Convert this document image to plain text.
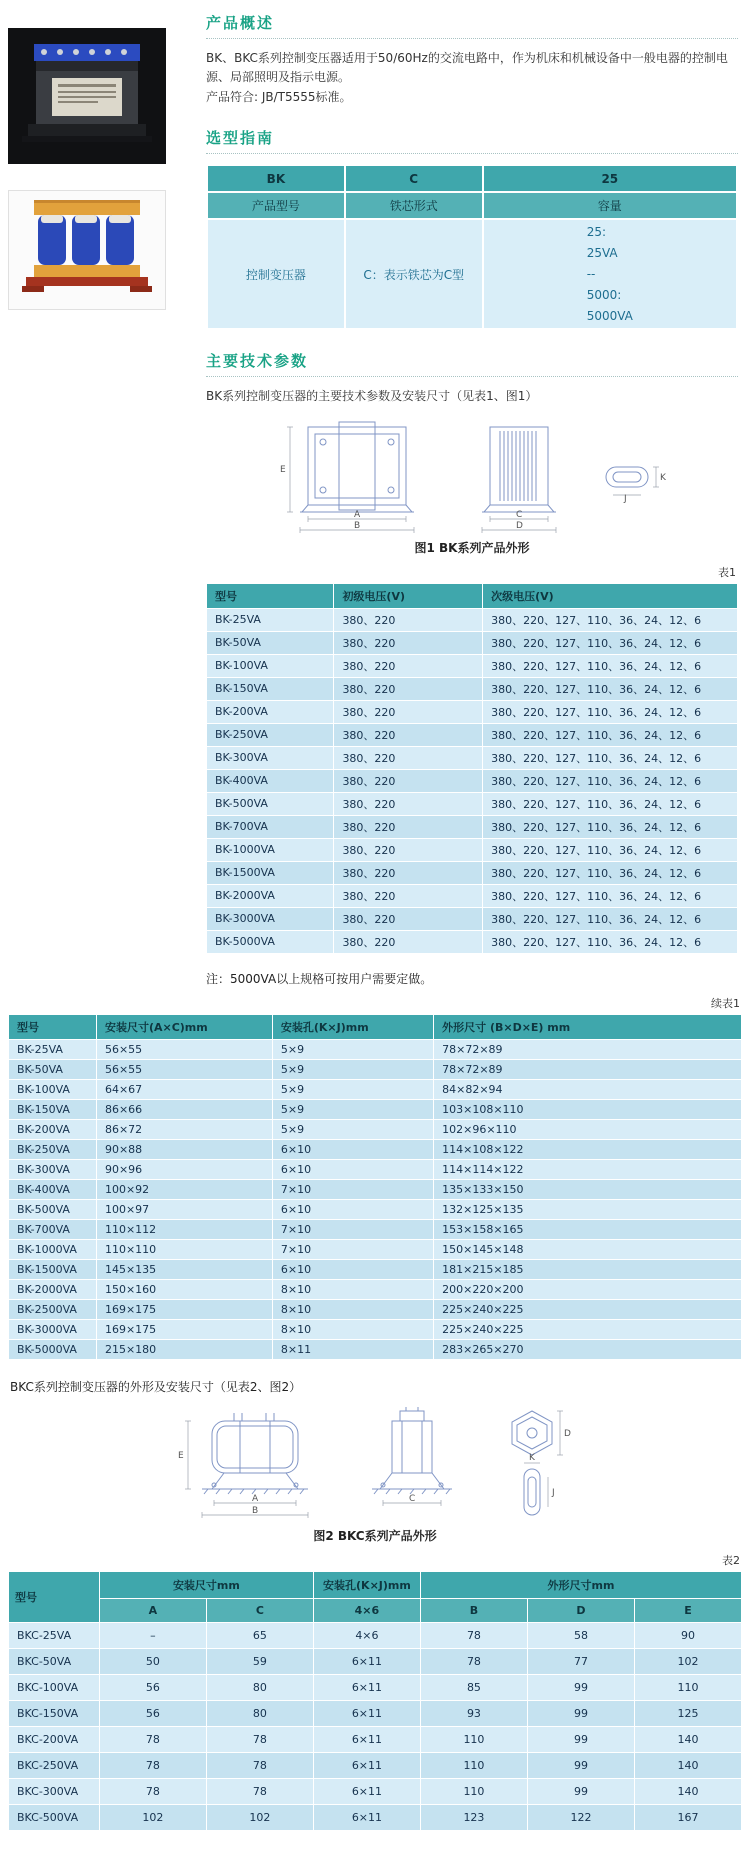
产品概述

BK、BKC系列控制变压器适用于50/60Hz的交流电路中，作为机床和机械设备中一般电器的控制电源、局部照明及指示电源。

产品符合: JB/T5555标准。

选型指南
BK	C	25
产品型号	铁芯形式	容量
控制变压器	C：表示铁芯为C型	25:
25VA
--
5000:
5000VA
主要技术参数

BK系列控制变压器的主要技术参数及安装尺寸（见表1、图1）

A
B
E
C
D
K
J
图1 BK系列产品外形
表1
型号	初级电压(V)	次级电压(V)
BK-25VA	380、220	380、220、127、110、36、24、12、6
BK-50VA	380、220	380、220、127、110、36、24、12、6
BK-100VA	380、220	380、220、127、110、36、24、12、6
BK-150VA	380、220	380、220、127、110、36、24、12、6
BK-200VA	380、220	380、220、127、110、36、24、12、6
BK-250VA	380、220	380、220、127、110、36、24、12、6
BK-300VA	380、220	380、220、127、110、36、24、12、6
BK-400VA	380、220	380、220、127、110、36、24、12、6
BK-500VA	380、220	380、220、127、110、36、24、12、6
BK-700VA	380、220	380、220、127、110、36、24、12、6
BK-1000VA	380、220	380、220、127、110、36、24、12、6
BK-1500VA	380、220	380、220、127、110、36、24、12、6
BK-2000VA	380、220	380、220、127、110、36、24、12、6
BK-3000VA	380、220	380、220、127、110、36、24、12、6
BK-5000VA	380、220	380、220、127、110、36、24、12、6

注：5000VA以上规格可按用户需要定做。

续表1
型号	安装尺寸(A×C)mm	安装孔(K×J)mm	外形尺寸 (B×D×E) mm
BK-25VA	56×55	5×9	78×72×89
BK-50VA	56×55	5×9	78×72×89
BK-100VA	64×67	5×9	84×82×94
BK-150VA	86×66	5×9	103×108×110
BK-200VA	86×72	5×9	102×96×110
BK-250VA	90×88	6×10	114×108×122
BK-300VA	90×96	6×10	114×114×122
BK-400VA	100×92	7×10	135×133×150
BK-500VA	100×97	6×10	132×125×135
BK-700VA	110×112	7×10	153×158×165
BK-1000VA	110×110	7×10	150×145×148
BK-1500VA	145×135	6×10	181×215×185
BK-2000VA	150×160	8×10	200×220×200
BK-2500VA	169×175	8×10	225×240×225
BK-3000VA	169×175	8×10	225×240×225
BK-5000VA	215×180	8×11	283×265×270

BKC系列控制变压器的外形及安装尺寸（见表2、图2）

A
B
E
C
D
K
J
图2 BKC系列产品外形
表2
型号	安装尺寸mm		安装孔(K×J)mm	外形尺寸mm		
	A	C	4×6	B	D	E
BKC-25VA	–	65	4×6	78	58	90
BKC-50VA	50	59	6×11	78	77	102
BKC-100VA	56	80	6×11	85	99	110
BKC-150VA	56	80	6×11	93	99	125
BKC-200VA	78	78	6×11	110	99	140
BKC-250VA	78	78	6×11	110	99	140
BKC-300VA	78	78	6×11	110	99	140
BKC-500VA	102	102	6×11	123	122	167
